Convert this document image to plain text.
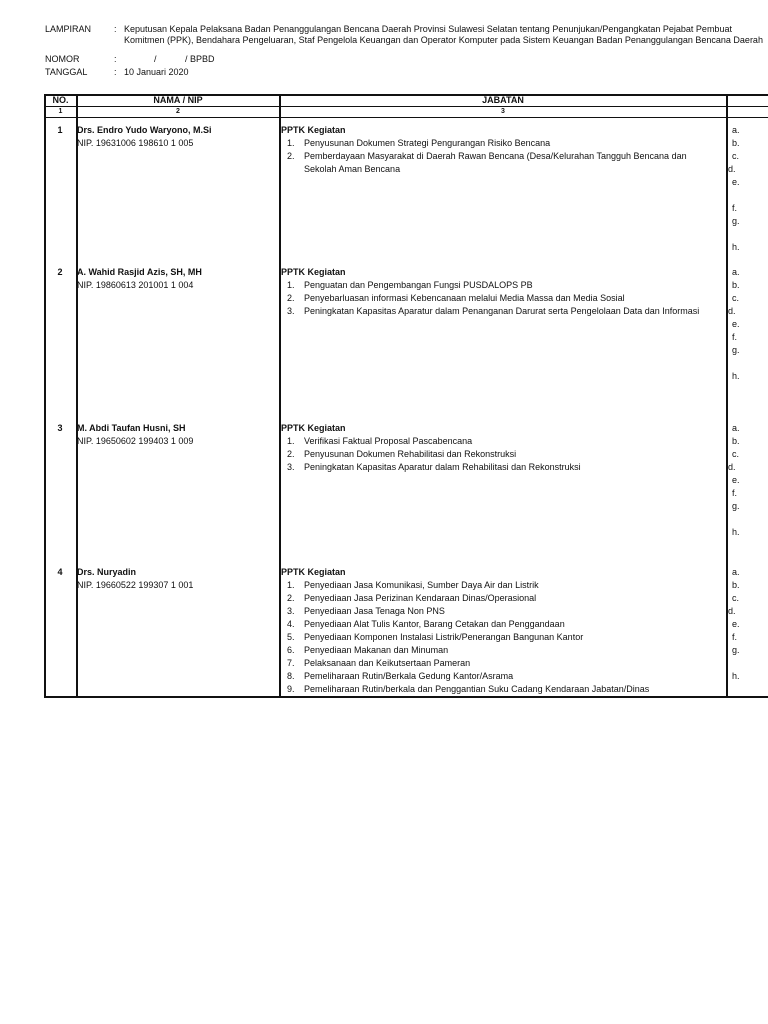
LAMPIRAN	: Keputusan Kepala Pelaksana Badan Penanggulangan Bencana Daerah Provinsi Sulawesi Selatan tentang Penunjukan/Pengangkatan Pejabat Pembuat Komitmen (PPK), Bendahara Pengeluaran, Staf Pengelola Keuangan dan Operator Komputer pada Sistem Keuangan Badan Penanggulangan Bencana Daerah
NOMOR	:	/	/ BPBD
TANGGAL	: 10 Januari 2020
NO.	NAMA / NIP	JABATAN
1	2	3
1	Drs. Endro Yudo Waryono, M.Si
NIP. 19631006 198610 1 005
PPTK Kegiatan
1. Penyusunan Dokumen Strategi Pengurangan Risiko Bencana
2. Pemberdayaan Masyarakat di Daerah Rawan Bencana (Desa/Kelurahan Tangguh Bencana dan Sekolah Aman Bencana
a.
b.
c.
d.
e.
f.
g.
h.
2	A. Wahid Rasjid Azis, SH, MH
NIP. 19860613 201001 1 004
PPTK Kegiatan
1. Penguatan dan Pengembangan Fungsi PUSDALOPS PB
2. Penyebarluasan informasi Kebencanaan melalui Media Massa dan Media Sosial
3. Peningkatan Kapasitas Aparatur dalam Penanganan Darurat serta Pengelolaan Data dan Informasi
a.
b.
c.
d.
e.
f.
g.
h.
3	M. Abdi Taufan Husni, SH
NIP. 19650602 199403 1 009
PPTK Kegiatan
1. Verifikasi Faktual Proposal Pascabencana
2. Penyusunan Dokumen Rehabilitasi dan Rekonstruksi
3. Peningkatan Kapasitas Aparatur dalam Rehabilitasi dan Rekonstruksi
a.
b.
c.
d.
e.
f.
g.
h.
4	Drs. Nuryadin
NIP. 19660522 199307 1 001
PPTK Kegiatan
1. Penyediaan Jasa Komunikasi, Sumber Daya Air dan Listrik
2. Penyediaan Jasa Perizinan Kendaraan Dinas/Operasional
3. Penyediaan Jasa Tenaga Non PNS
4. Penyediaan Alat Tulis Kantor, Barang Cetakan dan Penggandaan
5. Penyediaan Komponen Instalasi Listrik/Penerangan Bangunan Kantor
6. Penyediaan Makanan dan Minuman
7. Pelaksanaan dan Keikutsertaan Pameran
8. Pemeliharaan Rutin/Berkala Gedung Kantor/Asrama
9. Pemeliharaan Rutin/berkala dan Penggantian Suku Cadang Kendaraan Jabatan/Dinas
a.
b.
c.
d.
e.
f.
g.
h.
